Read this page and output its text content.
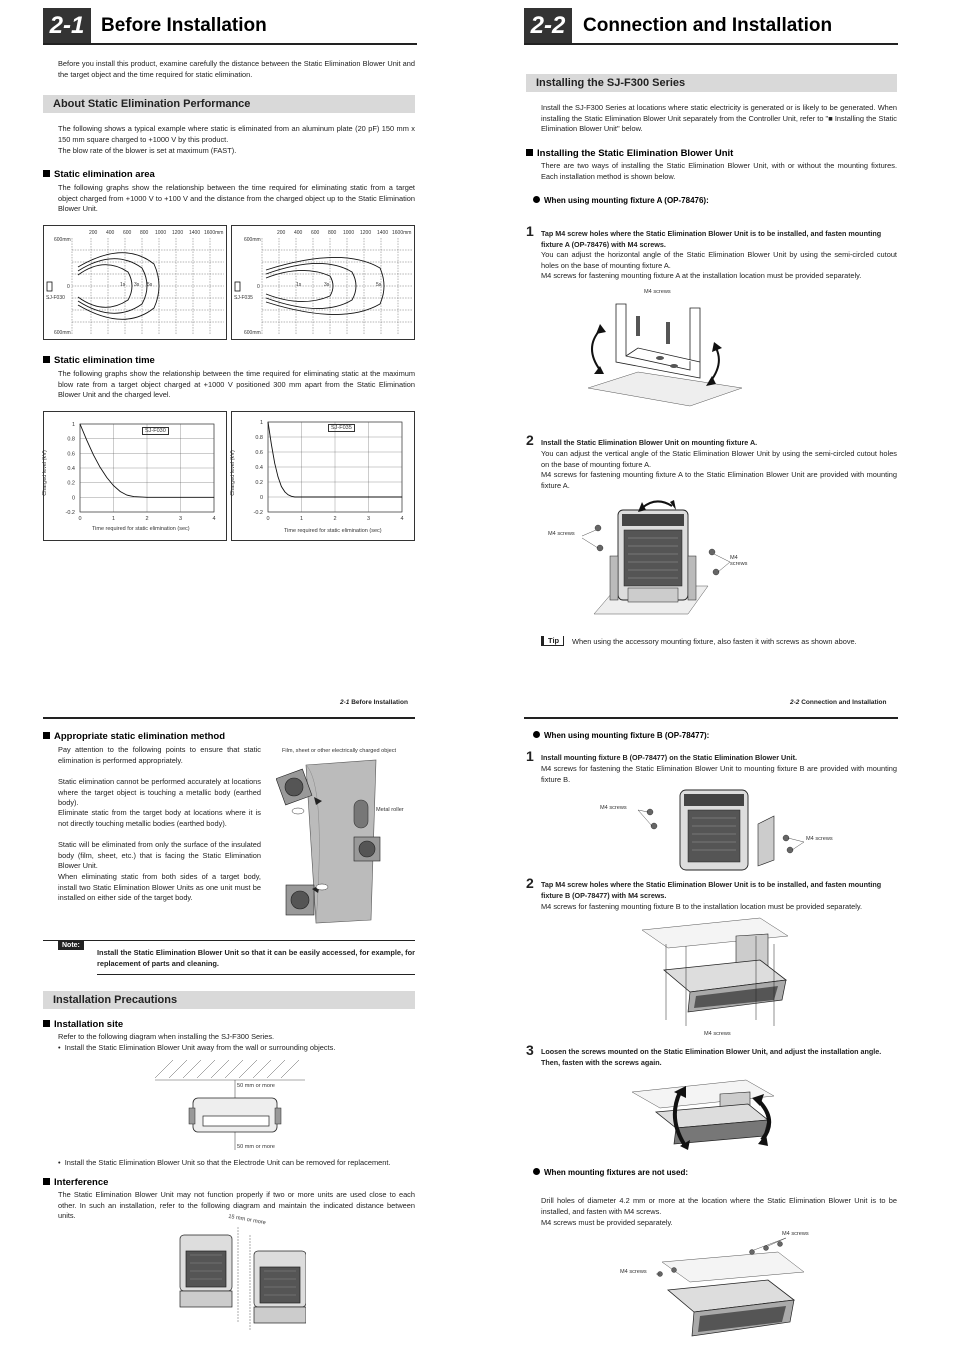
2-1 Before Installation
Before you install this product, examine carefully the distance between the Static Elimination Blower Unit and the target object and the time required for static elimination.
About Static Elimination Performance
The following shows a typical example where static is eliminated from an aluminum plate (20 pF) 150 mm x 150 mm square charged to +1000 V by this product.
The blow rate of the blower is set at maximum (FAST).
Static elimination area
The following graphs show the relationship between the time required for eliminating static from a target object charged from +1000 V to +100 V and the distance from the charged object up to the Static Elimination Blower Unit.
200 400 600 800 1000 1200 1400 1600mm
600mm
0
600mm
SJ-F030
1s 3s 5s
200 400 600 800 1000 1200 1400 1600mm
600mm
0
600mm
SJ-F035
1s	3s	5s
Static elimination time
The following graphs show the relationship between the time required for eliminating static at the maximum blow rate from a target object charged at +1000 V positioned 300 mm apart from the Static Elimination Blower Unit and the charged level.
1
0.8
0.6
0.4
0.2
0
-0.2
0	1	2	3	4
SJ-F030
Charged level (kV)
Time required for static elimination (sec)
1
0.8
0.6
0.4
0.2
0
-0.2
0	1	2	3	4
SJ-F035
Charged level (kV)
Time required for static elimination (sec)
2-1 Before Installation
Appropriate static elimination method
Pay attention to the following points to ensure that static elimination is performed appropriately.
Static elimination cannot be performed accurately at locations where the target object is touching a metallic body (earthed body).
Eliminate static from the target body at locations where it is not directly touching metallic bodies (earthed body).
Static will be eliminated from only the surface of the insulated body (film, sheet, etc.) that is facing the Static Elimination Blower Unit.
When eliminating static from both sides of a target body, install two Static Elimination Blower Units as one unit must be installed on either side of the target body.
Film, sheet or other electrically charged object
Metal roller
Note:
Install the Static Elimination Blower Unit so that it can be easily accessed, for example, for replacement of parts and cleaning.
Installation Precautions
Installation site
Refer to the following diagram when installing the SJ-F300 Series.
•  Install the Static Elimination Blower Unit away from the wall or surrounding objects.
50 mm or more
50 mm or more
•  Install the Static Elimination Blower Unit so that the Electrode Unit can be removed for replacement.
Interference
The Static Elimination Blower Unit may not function properly if two or more units are used close to each other. In such an installation, refer to the following diagram and maintain the indicated distance between units.	15 mm or more
2-2 Connection and Installation
Installing the SJ-F300 Series
Install the SJ-F300 Series at locations where static electricity is generated or is likely to be generated. When installing the Static Elimination Blower Unit separately from the Controller Unit, refer to "■ Installing the Static Elimination Blower Unit" below.
Installing the Static Elimination Blower Unit
There are two ways of installing the Static Elimination Blower Unit, with or without the mounting fixtures. Each installation method is shown below.
When using mounting fixture A (OP-78476):
1 Tap M4 screw holes where the Static Elimination Blower Unit is to be installed, and fasten mounting fixture A (OP-78476) with M4 screws.
You can adjust the horizontal angle of the Static Elimination Blower Unit by using the semi-circled cutout holes on the base of mounting fixture A.
M4 screws for fastening mounting fixture A at the installation location must be provided separately.
M4 screws
2 Install the Static Elimination Blower Unit on mounting fixture A.
You can adjust the vertical angle of the Static Elimination Blower Unit by using the semi-circled cutout holes on the base of mounting fixture A.
M4 screws for fastening mounting fixture A to the Static Elimination Blower Unit are provided with mounting fixture A.
M4 screws
M4 screws
Tip	When using the accessory mounting fixture, also fasten it with screws as shown above.
2-2 Connection and Installation
When using mounting fixture B (OP-78477):
1 Install mounting fixture B (OP-78477) on the Static Elimination Blower Unit.
M4 screws for fastening the Static Elimination Blower Unit to mounting fixture B are provided with mounting fixture B.
M4 screws
M4 screws
2 Tap M4 screw holes where the Static Elimination Blower Unit is to be installed, and fasten mounting fixture B (OP-78477) with M4 screws.
M4 screws for fastening mounting fixture B to the installation location must be provided separately.
M4 screws
3 Loosen the screws mounted on the Static Elimination Blower Unit, and adjust the installation angle. Then, fasten with the screws again.
When mounting fixtures are not used:
Drill holes of diameter 4.2 mm or more at the location where the Static Elimination Blower Unit is to be installed, and fasten with M4 screws.
M4 screws must be provided separately.
M4 screws
M4 screws
